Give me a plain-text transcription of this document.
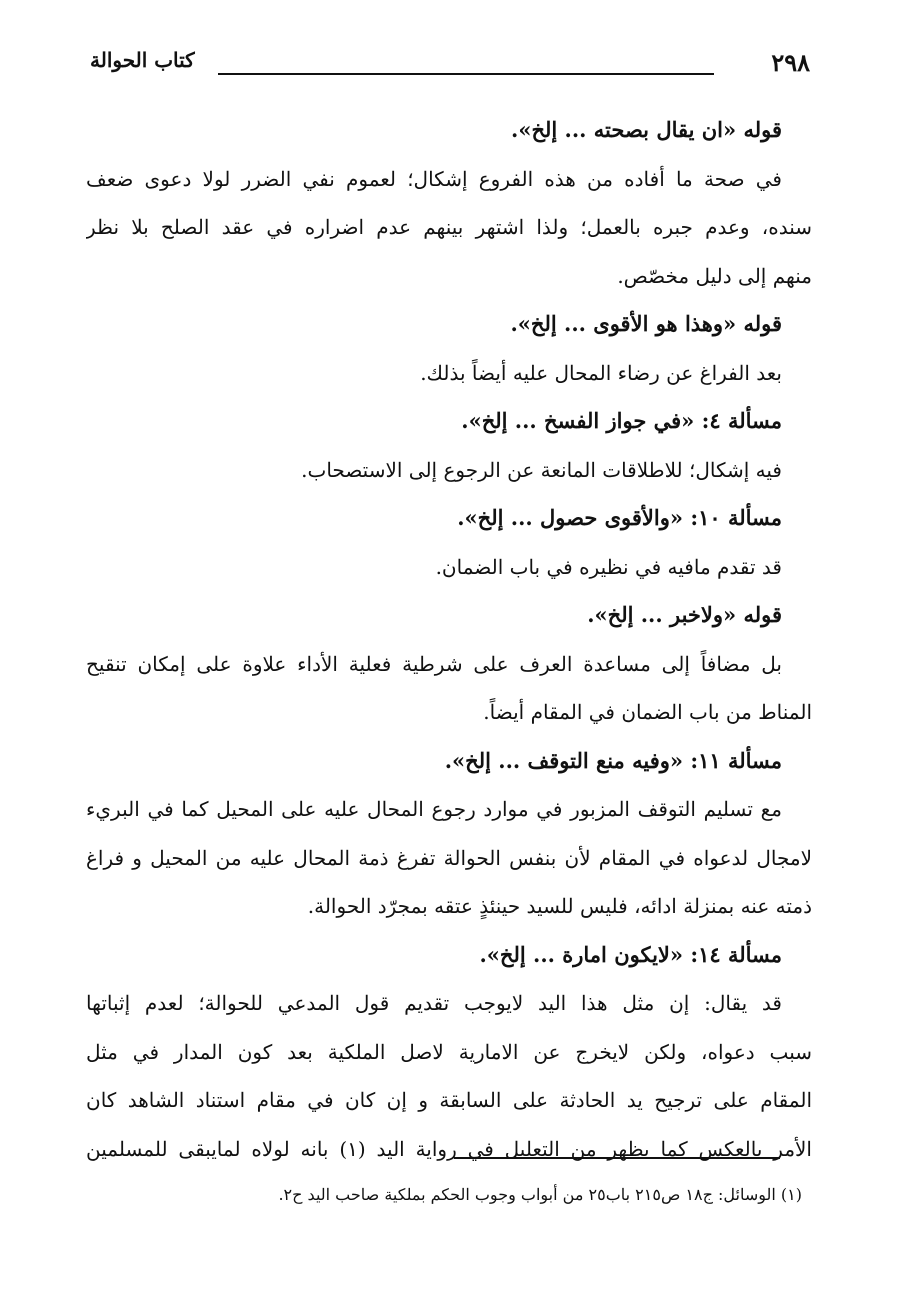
٢٩٨
كتاب الحوالة
قوله «ان يقال بصحته ... إلخ».
في صحة ما أفاده من هذه الفروع إشكال؛ لعموم نفي الضرر لولا دعوى ضعف
سنده، وعدم جبره بالعمل؛ ولذا اشتهر بينهم عدم اضراره في عقد الصلح بلا نظر
منهم إلى دليل مخصّص.
قوله «وهذا هو الأقوى ... إلخ».
بعد الفراغ عن رضاء المحال عليه أيضاً بذلك.
مسألة ٤: «في جواز الفسخ ... إلخ».
فيه إشكال؛ للاطلاقات المانعة عن الرجوع إلى الاستصحاب.
مسألة ١٠: «والأقوى حصول ... إلخ».
قد تقدم مافيه في نظيره في باب الضمان.
قوله «ولاخبر ... إلخ».
بل مضافاً إلى مساعدة العرف على شرطية فعلية الأداء علاوة على إمكان تنقيح
المناط من باب الضمان في المقام أيضاً.
مسألة ١١: «وفيه منع التوقف ... إلخ».
مع تسليم التوقف المزبور في موارد رجوع المحال عليه على المحيل كما في البريء
لامجال لدعواه في المقام لأن بنفس الحوالة تفرغ ذمة المحال عليه من المحيل و فراغ
ذمته عنه بمنزلة ادائه، فليس للسيد حينئذٍ عتقه بمجرّد الحوالة.
مسألة ١٤: «لايكون امارة ... إلخ».
قد يقال: إن مثل هذا اليد لايوجب تقديم قول المدعي للحوالة؛ لعدم إثباتها
سبب دعواه، ولكن لايخرج عن الامارية لاصل الملكية بعد كون المدار في مثل
المقام على ترجيح يد الحادثة على السابقة و إن كان في مقام استناد الشاهد كان
الأمر بالعكس كما يظهر من التعليل في رواية اليد (١) بانه لولاه لمايبقى للمسلمين
(١) الوسائل: ج١٨ ص٢١٥ باب٢٥ من أبواب وجوب الحكم بملكية صاحب اليد ح٢.
